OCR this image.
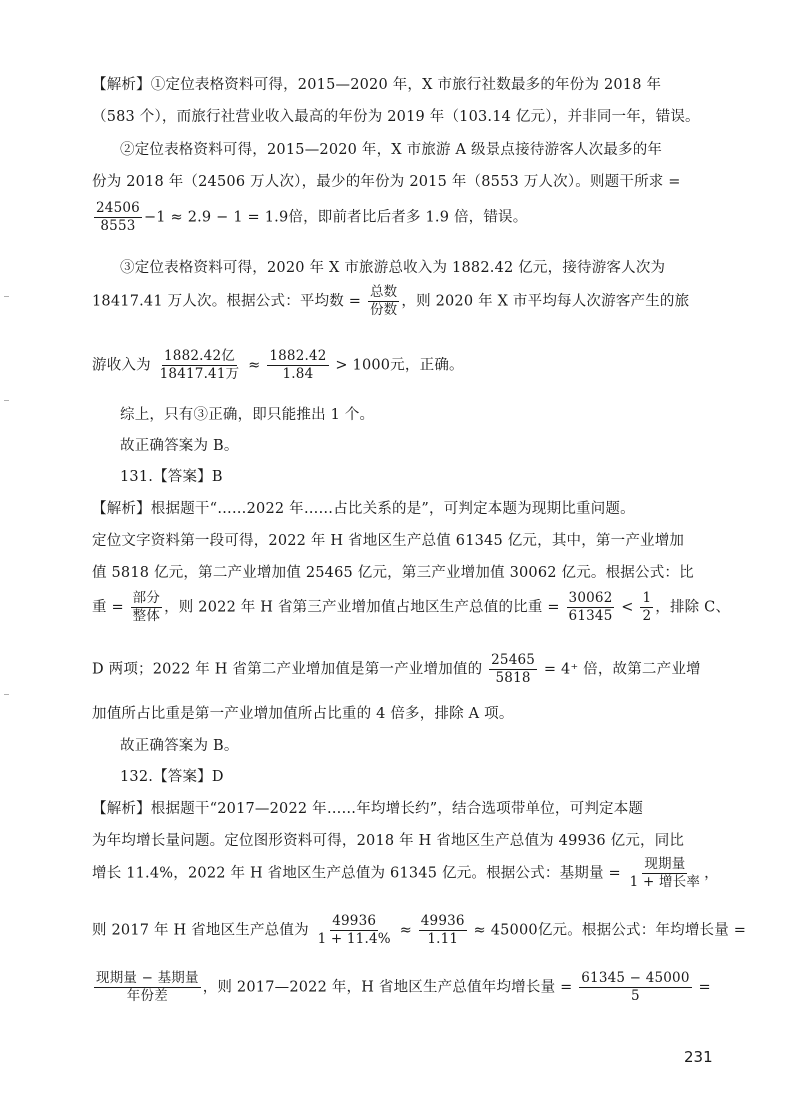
【解析】①定位表格资料可得，2015—2020 年，X 市旅行社数最多的年份为 2018 年
（583 个），而旅行社营业收入最高的年份为 2019 年（103.14 亿元），并非同一年，错误。
②定位表格资料可得，2015—2020 年，X 市旅游 A 级景点接待游客人次最多的年
份为 2018 年（24506 万人次），最少的年份为 2015 年（8553 万人次）。则题干所求 =
$\frac{24506}{8553} -1 \approx 2.9 - 1 = 1.9$倍，即前者比后者多 1.9 倍，错误。
③定位表格资料可得，2020 年 X 市旅游总收入为 1882.42 亿元，接待游客人次为
18417.41 万人次。根据公式：平均数 = $\frac{\text{总数}}{\text{份数}}$ ，则 2020 年 X 市平均每人次游客产生的旅
游收入为 $\frac{\text{1882.42亿}}{\text{18417.41万}} \approx \frac{1882.42}{1.84} > 1000$元，正确。
综上，只有③正确，即只能推出 1 个。
故正确答案为 B。
131.【答案】B
【解析】根据题干“……2022 年……占比关系的是”，可判定本题为现期比重问题。
定位文字资料第一段可得，2022 年 H 省地区生产总值 61345 亿元，其中，第一产业增加
值 5818 亿元，第二产业增加值 25465 亿元，第三产业增加值 30062 亿元。根据公式：比
重 = $\frac{\text{部分}}{\text{整体}}$ ，则 2022 年 H 省第三产业增加值占地区生产总值的比重 = $\frac{30062}{61345} < \frac{1}{2}$ ，排除 C、
D 两项；2022 年 H 省第二产业增加值是第一产业增加值的 $\frac{25465}{5818} = 4^+$ 倍，故第二产业增
加值所占比重是第一产业增加值所占比重的 4 倍多，排除 A 项。
故正确答案为 B。
132.【答案】D
【解析】根据题干“2017—2022 年……年均增长约”，结合选项带单位，可判定本题
为年均增长量问题。定位图形资料可得，2018 年 H 省地区生产总值为 49936 亿元，同比
增长 11.4%，2022 年 H 省地区生产总值为 61345 亿元。根据公式：基期量 = $\frac{\text{现期量}}{\text{1 + 增长率}}$ ，
则 2017 年 H 省地区生产总值为 $\frac{49936}{1 + 11.4\%} \approx \frac{49936}{1.11} \approx 45000$亿元。根据公式：年均增长量 =
$\frac{\text{现期量 − 基期量}}{\text{年份差}}$ ，则 2017—2022 年，H 省地区生产总值年均增长量 = $\frac{61345 - 45000}{5}$ =
231
